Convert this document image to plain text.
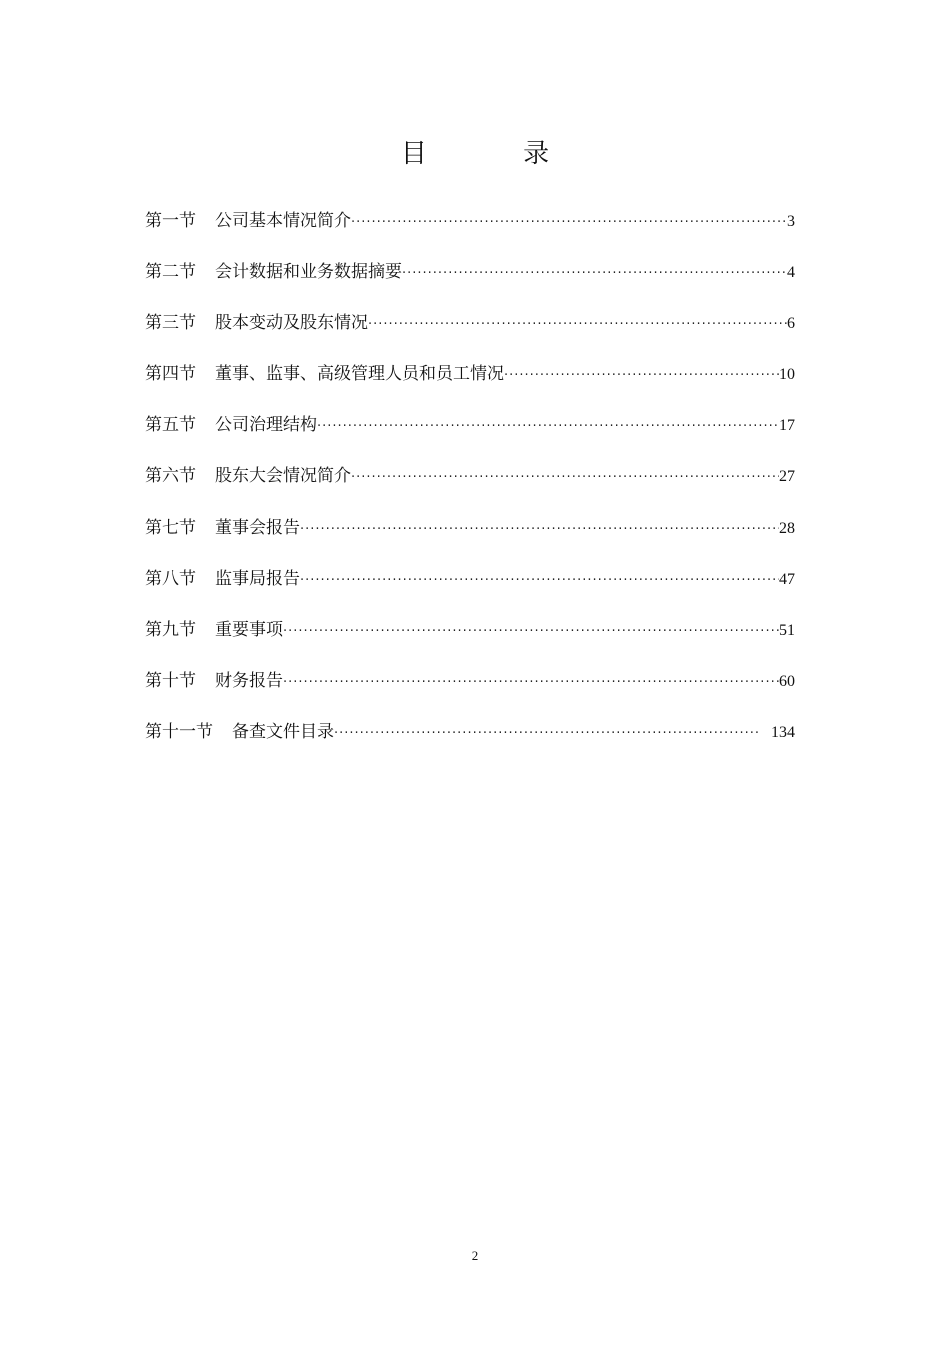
目 录
第一节 公司基本情况简介 ·····	3
第二节 会计数据和业务数据摘要 ·····	4
第三节 股本变动及股东情况 ·····	6
第四节 董事、监事、高级管理人员和员工情况 ·····	10
第五节 公司治理结构 ·····	17
第六节 股东大会情况简介 ·····	27
第七节 董事会报告 ·····	28
第八节 监事局报告 ·····	47
第九节 重要事项 ·····	51
第十节 财务报告 ·····	60
第十一节 备查文件目录 ·····	134
2
